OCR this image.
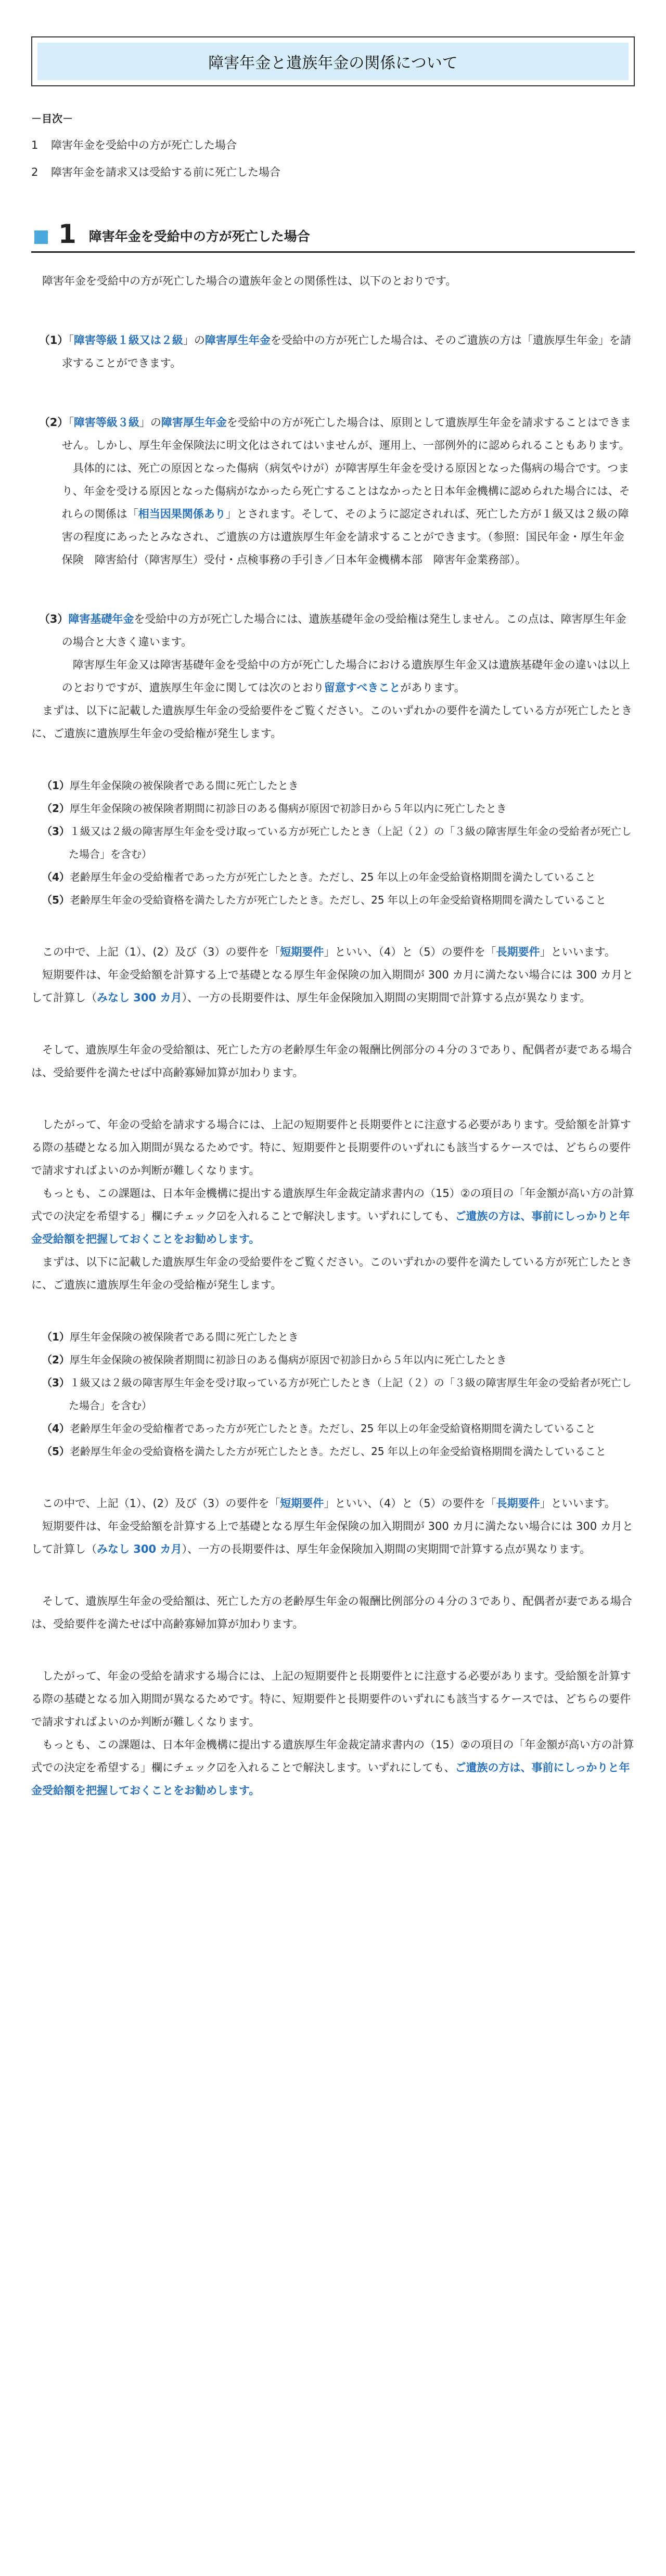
障害年金と遺族年金の関係について
－目次－
1 障害年金を受給中の方が死亡した場合
2 障害年金を請求又は受給する前に死亡した場合
1 障害年金を受給中の方が死亡した場合

障害年金を受給中の方が死亡した場合の遺族年金との関係性は、以下のとおりです。

（1）「障害等級１級又は２級」の障害厚生年金を受給中の方が死亡した場合は、そのご遺族の方は「遺族厚生年金」を請求することができます。

（2）「障害等級３級」の障害厚生年金を受給中の方が死亡した場合は、原則として遺族厚生年金を請求することはできません。しかし、厚生年金保険法に明文化はされてはいませんが、運用上、一部例外的に認められることもあります。

具体的には、死亡の原因となった傷病（病気やけが）が障害厚生年金を受ける原因となった傷病の場合です。つまり、年金を受ける原因となった傷病がなかったら死亡することはなかったと日本年金機構に認められた場合には、それらの関係は「相当因果関係あり」とされます。そして、そのように認定されれば、死亡した方が１級又は２級の障害の程度にあったとみなされ、ご遺族の方は遺族厚生年金を請求することができます。（参照：国民年金・厚生年金保険　障害給付（障害厚生）受付・点検事務の手引き／日本年金機構本部　障害年金業務部）。

（3）障害基礎年金を受給中の方が死亡した場合には、遺族基礎年金の受給権は発生しません。この点は、障害厚生年金の場合と大きく違います。

障害厚生年金又は障害基礎年金を受給中の方が死亡した場合における遺族厚生年金又は遺族基礎年金の違いは以上のとおりですが、遺族厚生年金に関しては次のとおり留意すべきことがあります。

まずは、以下に記載した遺族厚生年金の受給要件をご覧ください。このいずれかの要件を満たしている方が死亡したときに、ご遺族に遺族厚生年金の受給権が発生します。

（1）厚生年金保険の被保険者である間に死亡したとき

（2）厚生年金保険の被保険者期間に初診日のある傷病が原因で初診日から５年以内に死亡したとき

（3）１級又は２級の障害厚生年金を受け取っている方が死亡したとき（上記（２）の「３級の障害厚生年金の受給者が死亡した場合」を含む）

（4）老齢厚生年金の受給権者であった方が死亡したとき。ただし、25 年以上の年金受給資格期間を満たしていること

（5）老齢厚生年金の受給資格を満たした方が死亡したとき。ただし、25 年以上の年金受給資格期間を満たしていること

この中で、上記（1）、(2）及び（3）の要件を「短期要件」といい、（4）と（5）の要件を「長期要件」といいます。

短期要件は、年金受給額を計算する上で基礎となる厚生年金保険の加入期間が 300 カ月に満たない場合には 300 カ月として計算し（みなし 300 カ月）、一方の長期要件は、厚生年金保険加入期間の実期間で計算する点が異なります。

そして、遺族厚生年金の受給額は、死亡した方の老齢厚生年金の報酬比例部分の４分の３であり、配偶者が妻である場合は、受給要件を満たせば中高齢寡婦加算が加わります。

したがって、年金の受給を請求する場合には、上記の短期要件と長期要件とに注意する必要があります。受給額を計算する際の基礎となる加入期間が異なるためです。特に、短期要件と長期要件のいずれにも該当するケースでは、どちらの要件で請求すればよいのか判断が難しくなります。

もっとも、この課題は、日本年金機構に提出する遺族厚生年金裁定請求書内の（15）②の項目の「年金額が高い方の計算式での決定を希望する」欄にチェック☑を入れることで解決します。いずれにしても、ご遺族の方は、事前にしっかりと年金受給額を把握しておくことをお勧めします。

まずは、以下に記載した遺族厚生年金の受給要件をご覧ください。このいずれかの要件を満たしている方が死亡したときに、ご遺族に遺族厚生年金の受給権が発生します。

（1）厚生年金保険の被保険者である間に死亡したとき

（2）厚生年金保険の被保険者期間に初診日のある傷病が原因で初診日から５年以内に死亡したとき

（3）１級又は２級の障害厚生年金を受け取っている方が死亡したとき（上記（２）の「３級の障害厚生年金の受給者が死亡した場合」を含む）

（4）老齢厚生年金の受給権者であった方が死亡したとき。ただし、25 年以上の年金受給資格期間を満たしていること

（5）老齢厚生年金の受給資格を満たした方が死亡したとき。ただし、25 年以上の年金受給資格期間を満たしていること

この中で、上記（1）、(2）及び（3）の要件を「短期要件」といい、（4）と（5）の要件を「長期要件」といいます。

短期要件は、年金受給額を計算する上で基礎となる厚生年金保険の加入期間が 300 カ月に満たない場合には 300 カ月として計算し（みなし 300 カ月）、一方の長期要件は、厚生年金保険加入期間の実期間で計算する点が異なります。

そして、遺族厚生年金の受給額は、死亡した方の老齢厚生年金の報酬比例部分の４分の３であり、配偶者が妻である場合は、受給要件を満たせば中高齢寡婦加算が加わります。

したがって、年金の受給を請求する場合には、上記の短期要件と長期要件とに注意する必要があります。受給額を計算する際の基礎となる加入期間が異なるためです。特に、短期要件と長期要件のいずれにも該当するケースでは、どちらの要件で請求すればよいのか判断が難しくなります。

もっとも、この課題は、日本年金機構に提出する遺族厚生年金裁定請求書内の（15）②の項目の「年金額が高い方の計算式での決定を希望する」欄にチェック☑を入れることで解決します。いずれにしても、ご遺族の方は、事前にしっかりと年金受給額を把握しておくことをお勧めします。
